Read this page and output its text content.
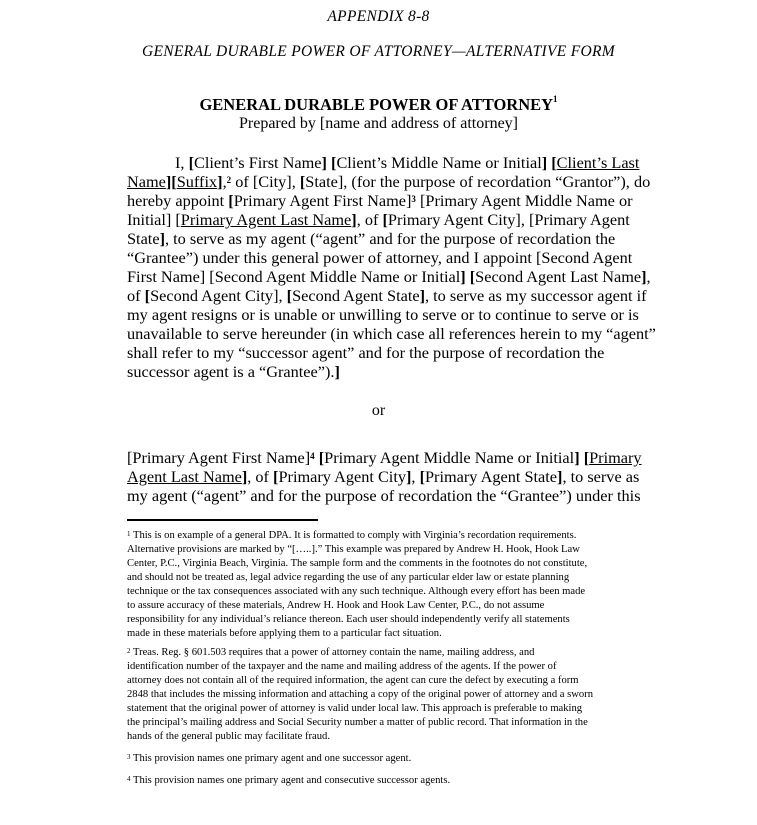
APPENDIX 8-8
GENERAL DURABLE POWER OF ATTORNEY—ALTERNATIVE FORM
GENERAL DURABLE POWER OF ATTORNEY$^1$
Prepared by [name and address of attorney]
I, [Client’s First Name] [Client’s Middle Name or Initial] [Client’s Last
Name][Suffix],$^2$ of [City], [State], (for the purpose of recordation “Grantor”), do
hereby appoint [Primary Agent First Name]$^3$ [Primary Agent Middle Name or
Initial] [Primary Agent Last Name], of [Primary Agent City], [Primary Agent
State], to serve as my agent (“agent” and for the purpose of recordation the
“Grantee”) under this general power of attorney, and I appoint [Second Agent
First Name] [Second Agent Middle Name or Initial] [Second Agent Last Name],
of [Second Agent City], [Second Agent State], to serve as my successor agent if
my agent resigns or is unable or unwilling to serve or to continue to serve or is
unavailable to serve hereunder (in which case all references herein to my “agent”
shall refer to my “successor agent” and for the purpose of recordation the
successor agent is a “Grantee”).]
or
[Primary Agent First Name]$^4$ [Primary Agent Middle Name or Initial] [Primary
Agent Last Name], of [Primary Agent City], [Primary Agent State], to serve as
my agent (“agent” and for the purpose of recordation the “Grantee”) under this
$^1$ This is on example of a general DPA. It is formatted to comply with Virginia’s recordation requirements.
Alternative provisions are marked by “[…..].” This example was prepared by Andrew H. Hook, Hook Law
Center, P.C., Virginia Beach, Virginia. The sample form and the comments in the footnotes do not constitute,
and should not be treated as, legal advice regarding the use of any particular elder law or estate planning
technique or the tax consequences associated with any such technique. Although every effort has been made
to assure accuracy of these materials, Andrew H. Hook and Hook Law Center, P.C., do not assume
responsibility for any individual’s reliance thereon. Each user should independently verify all statements
made in these materials before applying them to a particular fact situation.
$^2$ Treas. Reg. § 601.503 requires that a power of attorney contain the name, mailing address, and
identification number of the taxpayer and the name and mailing address of the agents. If the power of
attorney does not contain all of the required information, the agent can cure the defect by executing a form
2848 that includes the missing information and attaching a copy of the original power of attorney and a sworn
statement that the original power of attorney is valid under local law. This approach is preferable to making
the principal’s mailing address and Social Security number a matter of public record. That information in the
hands of the general public may facilitate fraud.
$^3$ This provision names one primary agent and one successor agent.
$^4$ This provision names one primary agent and consecutive successor agents.
